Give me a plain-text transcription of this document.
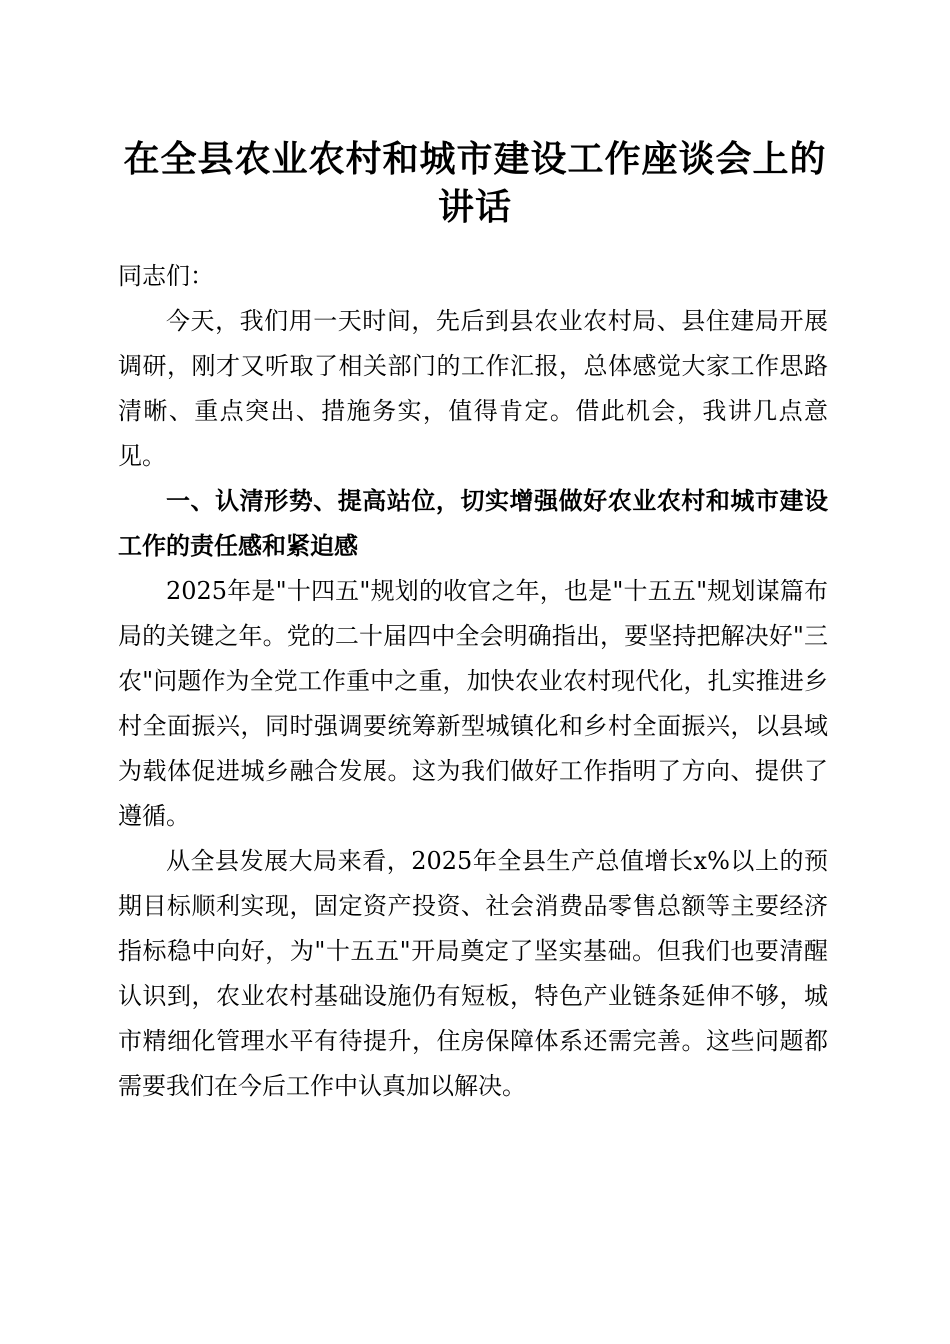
在全县农业农村和城市建设工作座谈会上的讲话

同志们：

今天，我们用一天时间，先后到县农业农村局、县住建局开展调研，刚才又听取了相关部门的工作汇报，总体感觉大家工作思路清晰、重点突出、措施务实，值得肯定。借此机会，我讲几点意见。

一、认清形势、提高站位，切实增强做好农业农村和城市建设工作的责任感和紧迫感

2025年是"十四五"规划的收官之年，也是"十五五"规划谋篇布局的关键之年。党的二十届四中全会明确指出，要坚持把解决好"三农"问题作为全党工作重中之重，加快农业农村现代化，扎实推进乡村全面振兴，同时强调要统筹新型城镇化和乡村全面振兴，以县域为载体促进城乡融合发展。这为我们做好工作指明了方向、提供了遵循。

从全县发展大局来看，2025年全县生产总值增长x%以上的预期目标顺利实现，固定资产投资、社会消费品零售总额等主要经济指标稳中向好，为"十五五"开局奠定了坚实基础。但我们也要清醒认识到，农业农村基础设施仍有短板，特色产业链条延伸不够，城市精细化管理水平有待提升，住房保障体系还需完善。这些问题都需要我们在今后工作中认真加以解决。
